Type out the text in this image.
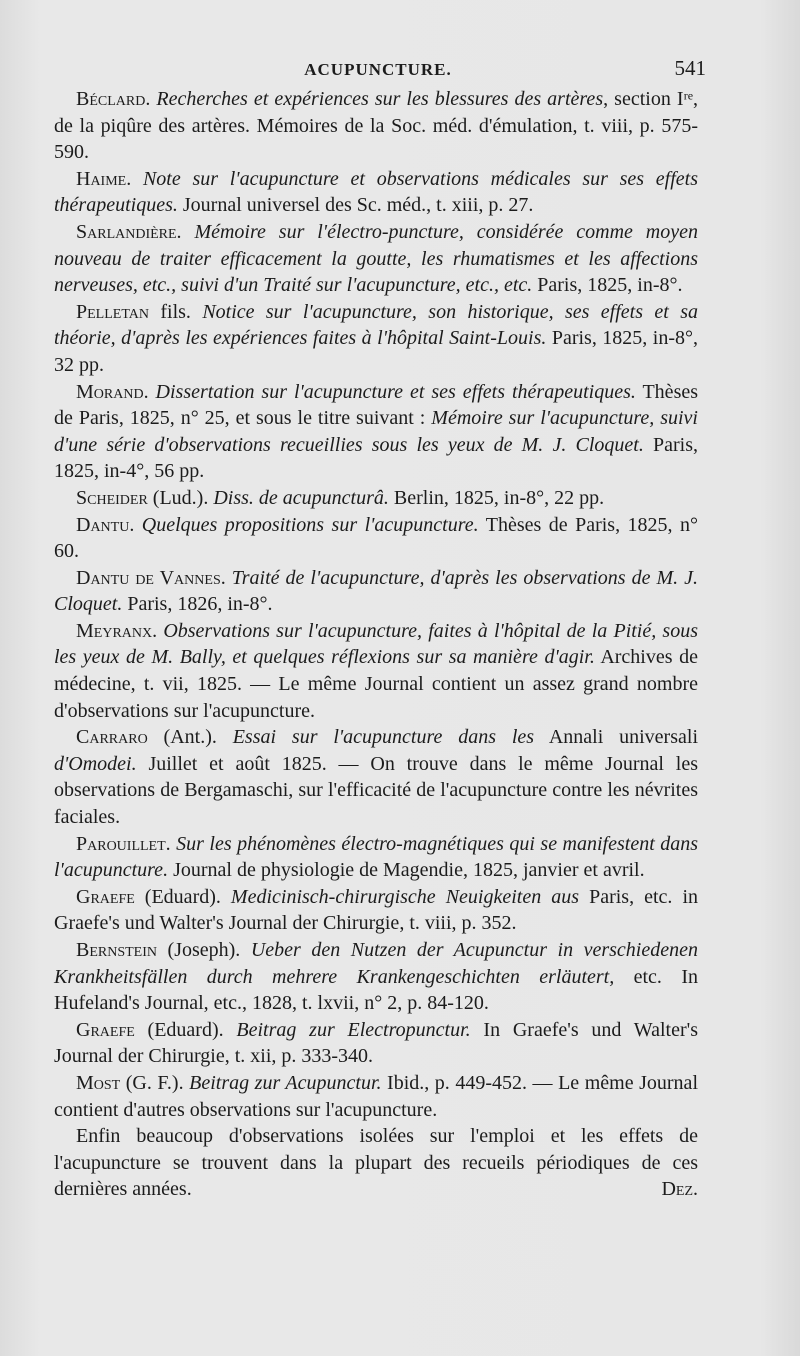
ACUPUNCTURE.	541

Béclard. Recherches et expériences sur les blessures des artères, section Iʳᵉ, de la piqûre des artères. Mémoires de la Soc. méd. d'émulation, t. viii, p. 575-590.

Haime. Note sur l'acupuncture et observations médicales sur ses effets thérapeutiques. Journal universel des Sc. méd., t. xiii, p. 27.

Sarlandière. Mémoire sur l'électro-puncture, considérée comme moyen nouveau de traiter efficacement la goutte, les rhumatismes et les affections nerveuses, etc., suivi d'un Traité sur l'acupuncture, etc., etc. Paris, 1825, in-8°.

Pelletan fils. Notice sur l'acupuncture, son historique, ses effets et sa théorie, d'après les expériences faites à l'hôpital Saint-Louis. Paris, 1825, in-8°, 32 pp.

Morand. Dissertation sur l'acupuncture et ses effets thérapeutiques. Thèses de Paris, 1825, n° 25, et sous le titre suivant : Mémoire sur l'acupuncture, suivi d'une série d'observations recueillies sous les yeux de M. J. Cloquet. Paris, 1825, in-4°, 56 pp.

Scheider (Lud.). Diss. de acupuncturâ. Berlin, 1825, in-8°, 22 pp.

Dantu. Quelques propositions sur l'acupuncture. Thèses de Paris, 1825, n° 60.

Dantu de Vannes. Traité de l'acupuncture, d'après les observations de M. J. Cloquet. Paris, 1826, in-8°.

Meyranx. Observations sur l'acupuncture, faites à l'hôpital de la Pitié, sous les yeux de M. Bally, et quelques réflexions sur sa manière d'agir. Archives de médecine, t. vii, 1825. — Le même Journal contient un assez grand nombre d'observations sur l'acupuncture.

Carraro (Ant.). Essai sur l'acupuncture dans les Annali universali d'Omodei. Juillet et août 1825. — On trouve dans le même Journal les observations de Bergamaschi, sur l'efficacité de l'acupuncture contre les névrites faciales.

Parouillet. Sur les phénomènes électro-magnétiques qui se manifestent dans l'acupuncture. Journal de physiologie de Magendie, 1825, janvier et avril.

Graefe (Eduard). Medicinisch-chirurgische Neuigkeiten aus Paris, etc. in Graefe's und Walter's Journal der Chirurgie, t. viii, p. 352.

Bernstein (Joseph). Ueber den Nutzen der Acupunctur in verschiedenen Krankheitsfällen durch mehrere Krankengeschichten erläutert, etc. In Hufeland's Journal, etc., 1828, t. lxvii, n° 2, p. 84-120.

Graefe (Eduard). Beitrag zur Electropunctur. In Graefe's und Walter's Journal der Chirurgie, t. xii, p. 333-340.

Most (G. F.). Beitrag zur Acupunctur. Ibid., p. 449-452. — Le même Journal contient d'autres observations sur l'acupuncture.

Enfin beaucoup d'observations isolées sur l'emploi et les effets de l'acupuncture se trouvent dans la plupart des recueils périodiques de ces dernières années.	Dez.
